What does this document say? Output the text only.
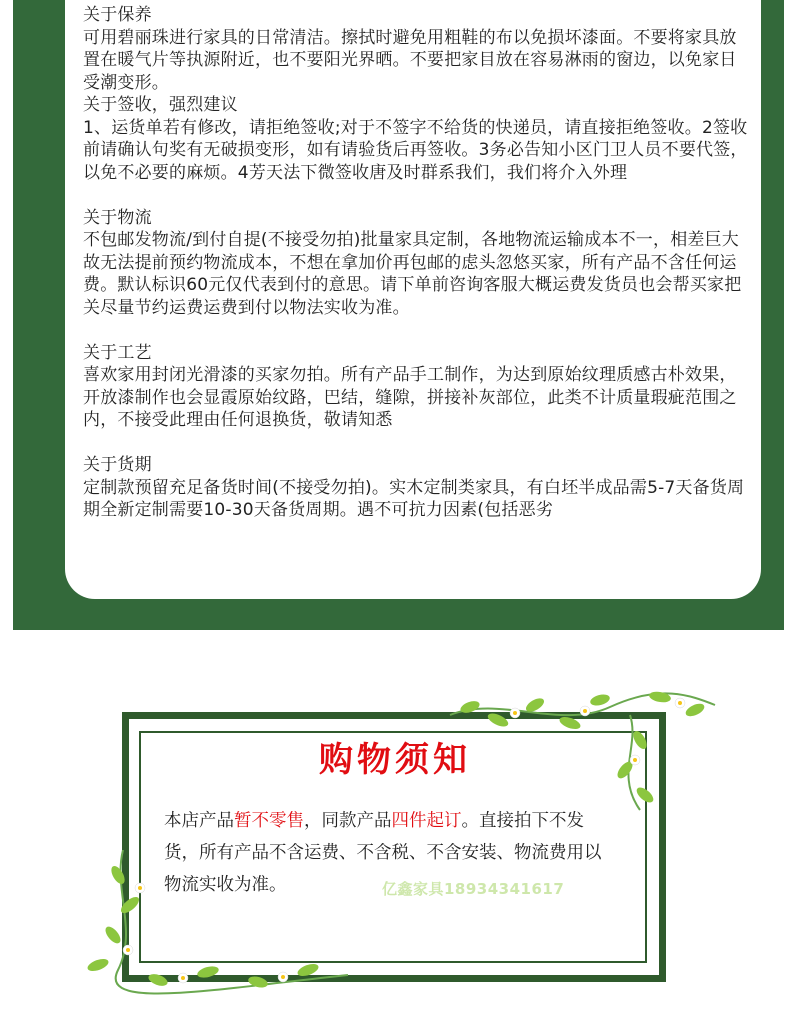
关于保养
可用碧丽珠进行家具的日常清洁。擦拭时避免用粗鞋的布以免损坏漆面。不要将家具放置在暖气片等执源附近，也不要阳光界晒。不要把家目放在容易淋雨的窗边，以免家日受潮变形。
关于签收，强烈建议
1、运货单若有修改，请拒绝签收;对于不签字不给货的快递员，请直接拒绝签收。2签收前请确认句奖有无破损变形，如有请验货后再签收。3务必告知小区门卫人员不要代签，以免不必要的麻烦。4芳天法下微签收唐及时群系我们，我们将介入外理
关于物流
不包邮发物流/到付自提(不接受勿拍)批量家具定制，各地物流运输成本不一，相差巨大故无法提前预约物流成本，不想在拿加价再包邮的虑头忽悠买家，所有产品不含任何运费。默认标识60元仅代表到付的意思。请下单前咨询客服大概运费发货员也会帮买家把关尽量节约运费运费到付以物法实收为准。
关于工艺
喜欢家用封闭光滑漆的买家勿拍。所有产品手工制作，为达到原始纹理质感古朴效果，开放漆制作也会显霞原始纹路，巴结，缝隙，拼接补灰部位，此类不计质量瑕疵范围之内，不接受此理由任何退换货，敬请知悉
关于货期
定制款预留充足备货时间(不接受勿拍)。实木定制类家具，有白坯半成品需5-7天备货周期全新定制需要10-30天备货周期。遇不可抗力因素(包括恶劣
购物须知
本店产品暂不零售，同款产品四件起订。直接拍下不发货，所有产品不含运费、不含税、不含安装、物流费用以物流实收为准。	亿鑫家具18934341617
